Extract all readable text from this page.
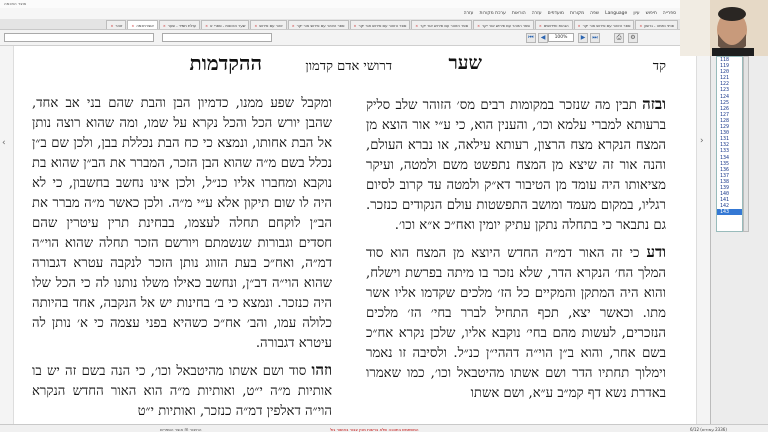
אוצר החכמה
ספרייה
חיפוש
עיון
Language
שפה
מקורות
מועדפים
עזרה
הוראות
ערכת מקורות
עזרה
פניני נחמה - גרשון
×
ספר הזוהר עם פירוש אור יקר
×
הגהות וחידושים
×
ספר הזוהר עם פירוש אור יקר
×
ספר הזוהר עם פירוש אור יקר
×
ספר הזוהר עם פירוש אור יקר
×
ספר הזוהר עם פירוש אור יקר
×
זוהר עם פירוש
×
שער הכוונות - ספרי א
×
עולת תמיד - שער
×
אוצרחכמה
×
זוהר
×
⏮	◀	100%	▶	⏭	⎙	⚙
‹	›
קד
שער
דרושי אדם קדמון
ההקדמות

ובזה תבין מה שנזכר במקומות רבים מס׳ הזוהר שלב סליק ברעותא למברי עלמא וכו׳, והענין הוא, כי ע״י אור הוצא מן המצח הנקרא מצח הרצון, רעותא עילאה, או נברא העולם, והנה אור זה שיצא מן המצח נתפשט משם ולמטה, ועיקר מציאותו היה עומד מן הטיבור דא״ק ולמטה עד קרוב לסיום רגליו, במקום מעמד ומושב התפשטות עולם הנקודים כנזכר. גם נתבאר כי בתחלה נתקן עתיק יומין ואח״כ א״א וכו׳.

ודע כי זה האור דמ״ה החדש היוצא מן המצח הוא סוד המלך הח׳ הנקרא הדר, שלא נזכר בו מיתה בפרשת וישלח, והוא היה המתקן והמקיים כל הז׳ מלכים שקדמו אליו אשר מתו. וכאשר יצא, תכף התחיל לברר בחי׳ הז׳ מלכים הנזכרים, לעשות מהם בחי׳ נוקבא אליו, שלכן נקרא אח״כ בשם אחר, והוא ב״ן הוי״ה דההי״ן כנ״ל. ולסיבה זו נאמר וימלוך תחתיו הדר ושם אשתו מהיטבאל וכו׳, כמו שאמרו באדרת נשא דף קמ״ב ע״א, ושם אשתו

ומקבל שפע ממנו, כדמיון הבן והבת שהם בני אב אחד, שהבן יורש הכל והכל נקרא על שמו, ומה שהוא רוצה נותן אל הבת אחותו, ונמצא כי כח הבת נכללת בבן, ולכן שם ב״ן נכלל בשם מ״ה שהוא הבן הזכר, המברר את הב״ן שהוא בת נוקבא ומחברו אליו כנ״ל, ולכן אינו נחשב בחשבון, כי לא היה לו שום תיקון אלא ע״י מ״ה. ולכן כאשר מ״ה מברר את הב״ן לוקחם תחלה לעצמו, בבחינת תרין עיטרין שהם חסדים וגבורות שנשמתם ויורשם הזכר תחלה שהוא הוי״ה דמ״ה, ואח״כ בעת הזווג נותן הזכר לנקבה עטרא דגבורה שהוא הוי״ה דב״ן, ונחשב כאילו משלו נותנו לה כי הכל שלו היה כנזכר. ונמצא כי ב׳ בחינות יש אל הנקבה, אחד בהיותה כלולה עמו, והב׳ אח״כ כשהיא בפני עצמה כי א׳ נותן לה עיטרא דגבורה.

וזהו סוד ושם אשתו מהיטבאל וכו׳, כי הנה בשם זה יש בו אותיות מ״ה י״ט, ואותיות מ״ה הוא האור החדש הנקרא הוי״ה דאלפין דמ״ה כנזכר, ואותיות י״ט

118
119
120
121
122
123
124
125
126
127
128
129
130
131
132
133
134
135
136
137
138
139
140
141
142
143
אוצר הספרים ‪m‬ החיבור	המשתמש בתוכנה שלא ברשות מכין צבור באיסור גזל	6/12 ‫(2336 עמודים)
